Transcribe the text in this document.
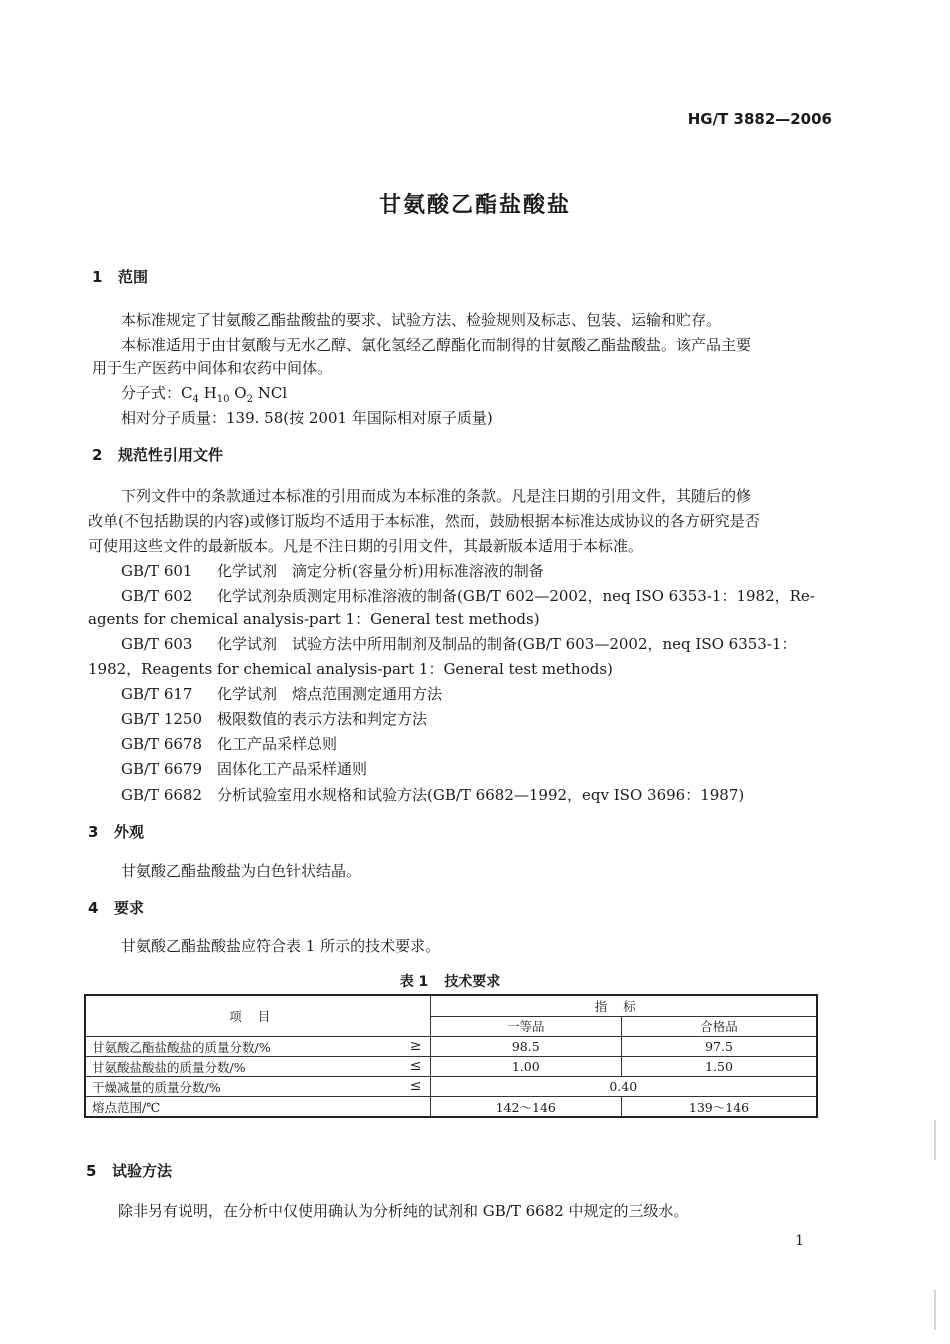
HG/T 3882—2006
甘氨酸乙酯盐酸盐
1 范围
本标准规定了甘氨酸乙酯盐酸盐的要求、试验方法、检验规则及标志、包装、运输和贮存。
本标准适用于由甘氨酸与无水乙醇、氯化氢经乙醇酯化而制得的甘氨酸乙酯盐酸盐。该产品主要
用于生产医药中间体和农药中间体。
分子式：$C_4$ $H_{10}$ $O_2$ NCl
相对分子质量：139. 58(按 2001 年国际相对原子质量)
2 规范性引用文件
下列文件中的条款通过本标准的引用而成为本标准的条款。凡是注日期的引用文件，其随后的修
改单(不包括勘误的内容)或修订版均不适用于本标准，然而，鼓励根据本标准达成协议的各方研究是否
可使用这些文件的最新版本。凡是不注日期的引用文件，其最新版本适用于本标准。
GB/T 601 化学试剂　滴定分析(容量分析)用标准溶液的制备
GB/T 602 化学试剂杂质测定用标准溶液的制备(GB/T 602—2002，neq ISO 6353-1：1982，Re-
agents for chemical analysis-part 1：General test methods)
GB/T 603 化学试剂　试验方法中所用制剂及制品的制备(GB/T 603—2002，neq ISO 6353-1：
1982，Reagents for chemical analysis-part 1：General test methods)
GB/T 617 化学试剂　熔点范围测定通用方法
GB/T 1250 极限数值的表示方法和判定方法
GB/T 6678 化工产品采样总则
GB/T 6679 固体化工产品采样通则
GB/T 6682 分析试验室用水规格和试验方法(GB/T 6682—1992，eqv ISO 3696：1987)
3 外观
甘氨酸乙酯盐酸盐为白色针状结晶。
4 要求
甘氨酸乙酯盐酸盐应符合表 1 所示的技术要求。
表 1 技术要求
项目	指标	
	一等品	合格品
甘氨酸乙酯盐酸盐的质量分数/% ≥	98.5	97.5
甘氨酸盐酸盐的质量分数/% ≤	1.00	1.50
干燥减量的质量分数/% ≤	0.40	
熔点范围/℃	142～146	139～146
5 试验方法
除非另有说明，在分析中仅使用确认为分析纯的试剂和 GB/T 6682 中规定的三级水。
1
